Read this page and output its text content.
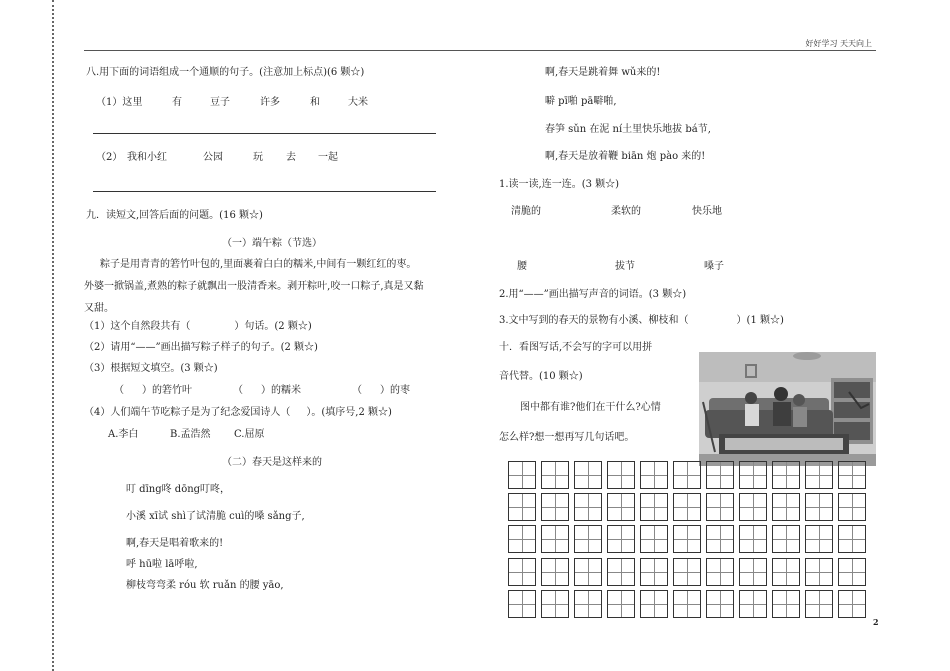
好好学习 天天向上
八.用下面的词语组成一个通顺的句子。(注意加上标点)(6 颗☆)
（1）这里	有	豆子	许多	和	大米
（2） 我和小红	公园	玩 去 一起
九．读短文,回答后面的问题。(16 颗☆)
（一）端午粽（节选）
粽子是用青青的箬竹叶包的,里面裹着白白的糯米,中间有一颗红红的枣。
外婆一掀锅盖,煮熟的粽子就飘出一股清香来。剥开粽叶,咬一口粽子,真是又黏
又甜。
（1）这个自然段共有（	）句话。(2 颗☆)
（2）请用“——”画出描写粽子样子的句子。(2 颗☆)
（3）根据短文填空。(3 颗☆)
（ ）的箬竹叶	（ ）的糯米	（ ）的枣
（4）人们端午节吃粽子是为了纪念爱国诗人（ ）。(填序号,2 颗☆)
A.李白	B.孟浩然 C.屈原
（二）春天是这样来的
叮 dīng咚 dōng叮咚，
小溪 xī试 shì了试清脆 cuì的嗓 sǎng子,
啊,春天是唱着歌来的!
呼 hū啦 lā呼啦,
柳枝弯弯柔 róu 软 ruǎn 的腰 yāo,
啊,春天是跳着舞 wǔ来的!
噼 pī啪 pā噼啪,
春笋 sǔn 在泥 ní土里快乐地拔 bá节,
啊,春天是放着鞭 biān 炮 pào 来的!
1.读一读,连一连。(3 颗☆)
清脆的	柔软的	快乐地
腰	拔节	嗓子
2.用“——”画出描写声音的词语。(3 颗☆)
3.文中写到的春天的景物有小溪、柳枝和（	）(1 颗☆)
十．看图写话,不会写的字可以用拼
音代替。(10 颗☆)
图中都有谁?他们在干什么?心情
怎么样?想一想再写几句话吧。
2
